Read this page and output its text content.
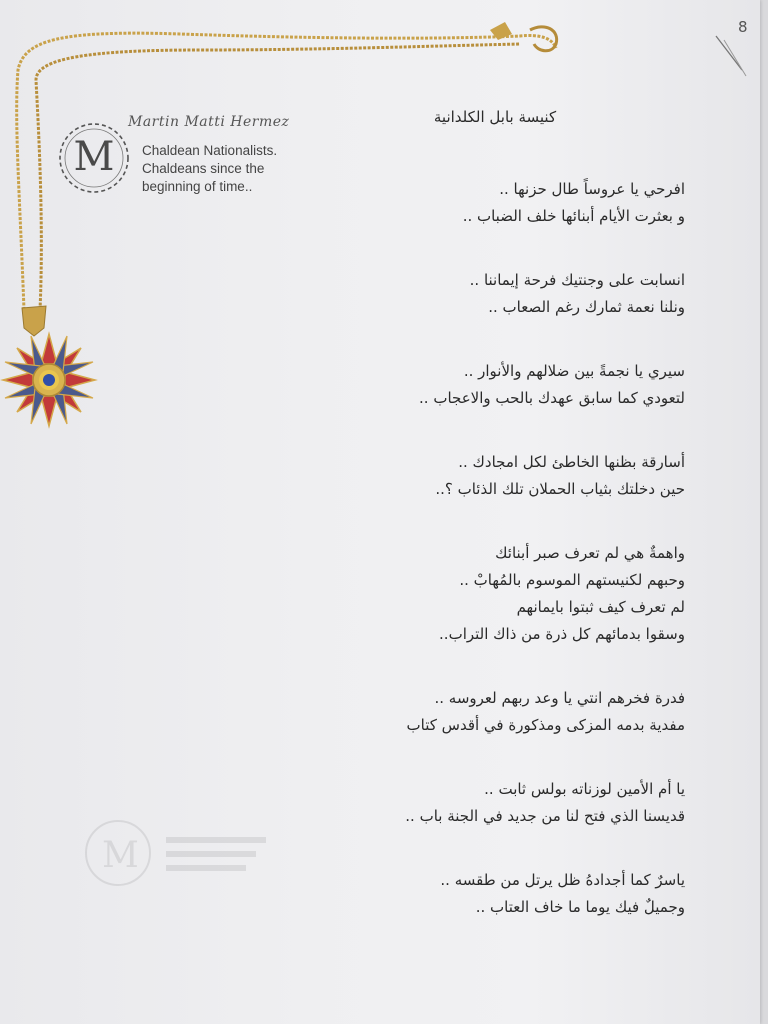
8
M
Martin Matti Hermez
Chaldean Nationalists.
Chaldeans since the
beginning of time..
M
كنيسة بابل الكلدانية
افرحي يا عروساً طال حزنها ..
و بعثرت الأيام أبنائها خلف الضباب ..
انسابت على وجنتيك فرحة إيماننا ..
ونلنا نعمة ثمارك رغم الصعاب ..
سيري يا نجمةً بين ضلالهم والأنوار ..
لتعودي كما سابق عهدك بالحب والاعجاب ..
أسارقة بظنها الخاطئ لكل امجادك ..
حين دخلتك بثياب الحملان تلك الذئاب ؟..
واهمةٌ هي لم تعرف صبر أبنائك
وحبهم لكنيستهم الموسوم بالمُهابْ ..
لم تعرف كيف ثبتوا بايمانهم
وسقوا بدمائهم كل ذرة من ذاك التراب..
فدرة فخرهم انتي يا وعد ربهم لعروسه ..
مفدية بدمه المزكى ومذكورة في أقدس كتاب
يا أم الأمين لوزناته بولس ثابت ..
قديسنا الذي فتح لنا من جديد في الجنة باب ..
ياسرٌ كما أجدادهُ ظل يرتل من طقسه ..
وجميلٌ فيك يوما ما خاف العتاب ..
